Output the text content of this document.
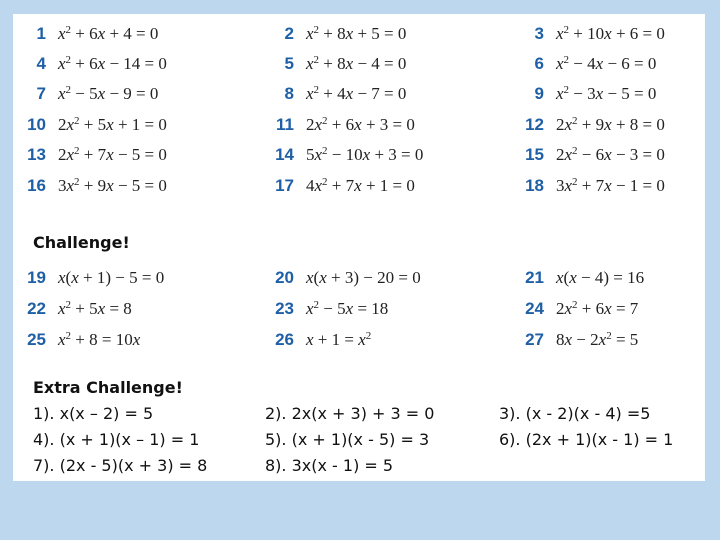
1 $x^2 + 6x + 4 = 0$	2 $x^2 + 8x + 5 = 0$	3 $x^2 + 10x + 6 = 0$
4 $x^2 + 6x - 14 = 0$	5 $x^2 + 8x - 4 = 0$	6 $x^2 - 4x - 6 = 0$
7 $x^2 - 5x - 9 = 0$	8 $x^2 + 4x - 7 = 0$	9 $x^2 - 3x - 5 = 0$
10 $2x^2 + 5x + 1 = 0$	11 $2x^2 + 6x + 3 = 0$	12 $2x^2 + 9x + 8 = 0$
13 $2x^2 + 7x - 5 = 0$	14 $5x^2 - 10x + 3 = 0$	15 $2x^2 - 6x - 3 = 0$
16 $3x^2 + 9x - 5 = 0$	17 $4x^2 + 7x + 1 = 0$	18 $3x^2 + 7x - 1 = 0$
Challenge!
19 x(x + 1) − 5 = 0	20 x(x + 3) − 20 = 0	21 x(x − 4) = 16
22 $x^2 + 5x = 8$	23 $x^2 - 5x = 18$	24 $2x^2 + 6x = 7$
25 $x^2 + 8 = 10x$	26 $x + 1 = x^2$	27 $8x - 2x^2 = 5$
Extra Challenge!
1). x(x – 2) = 5	2). 2x(x + 3) + 3 = 0	3). (x - 2)(x - 4) =5
4). (x + 1)(x – 1) = 1	5). (x + 1)(x - 5) = 3	6). (2x + 1)(x - 1) = 1
7). (2x - 5)(x + 3) = 8	8). 3x(x - 1) = 5
